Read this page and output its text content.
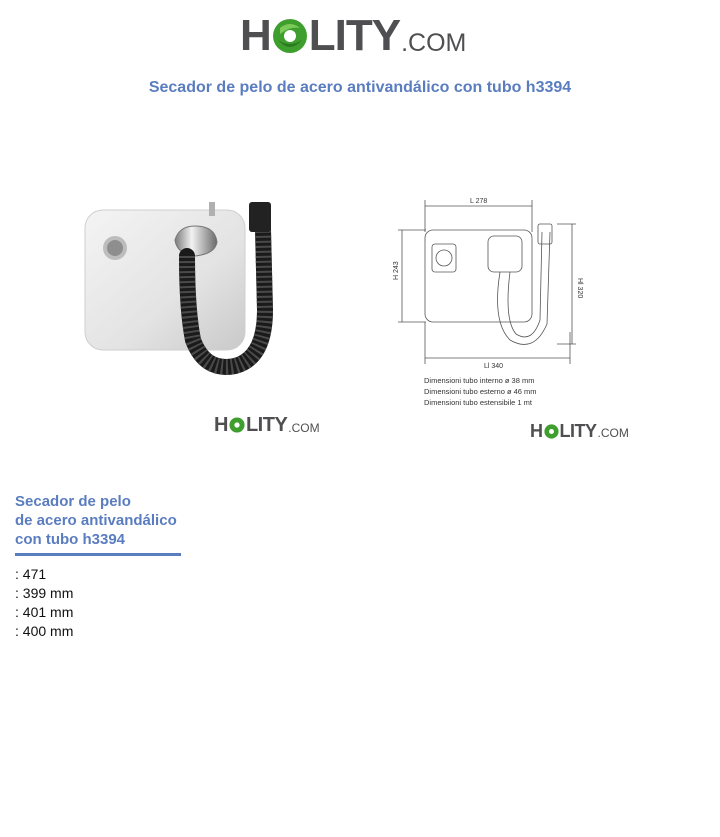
H LITY .COM
Secador de pelo de acero antivandálico con tubo h3394
L 278
H 243
Hl 320
Ll 340
Dimensioni tubo interno ø 38 mm
Dimensioni tubo esterno ø 46 mm
Dimensioni tubo estensibile 1 mt
H LITY .COM	H LITY .COM
Secador de pelo
de acero antivandálico
con tubo h3394
: 471
: 399 mm
: 401 mm
: 400 mm
